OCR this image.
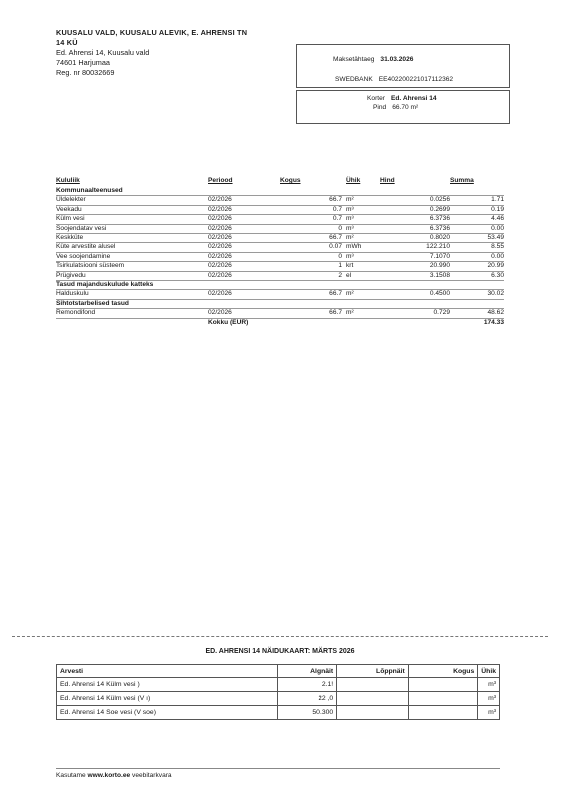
KUUSALU VALD, KUUSALU ALEVIK, E. AHRENSI TN
14 KÜ
Ed. Ahrensi 14, Kuusalu vald
74601 Harjumaa
Reg. nr 80032669
Maksetähtaeg 31.03.2026
SWEDBANK EE402200221017112362
Korter Ed. Ahrensi 14
Pind 66.70 m²
Kululiik	Periood	Kogus	Ühik	Hind	Summa
Kommunaalteenused					
Üldelekter	02/2026	66.7	m²	0.0256	1.71
Veekadu	02/2026	0.7	m³	0.2699	0.19
Külm vesi	02/2026	0.7	m³	6.3736	4.46
Soojendatav vesi	02/2026	0	m³	6.3736	0.00
Keskküte	02/2026	66.7	m²	0.8020	53.49
Küte arvestite alusel	02/2026	0.07	mWh	122.210	8.55
Vee soojendamine	02/2026	0	m³	7.1070	0.00
Tsirkulatsiooni süsteem	02/2026	1	krt	20.990	20.99
Prügivedu	02/2026	2	el	3.1508	6.30
Tasud majanduskulude katteks					
Halduskulu	02/2026	66.7	m²	0.4500	30.02
Sihtotstarbelised tasud					
Remondifond	02/2026	66.7	m²	0.729	48.62
	Kokku (EUR)				174.33
ED. AHRENSI 14 NÄIDUKAART: MÄRTS 2026
Arvesti	Algnäit	Lõppnäit	Kogus	Ühik
Ed. Ahrensi 14 Külm vesi )	2.1!			m³
Ed. Ahrensi 14 Külm vesi (V ı)	ž2 ,0			m³
Ed. Ahrensi 14 Soe vesi (V soe)	50.300			m³
Kasutame www.korto.ee veebitarkvara
